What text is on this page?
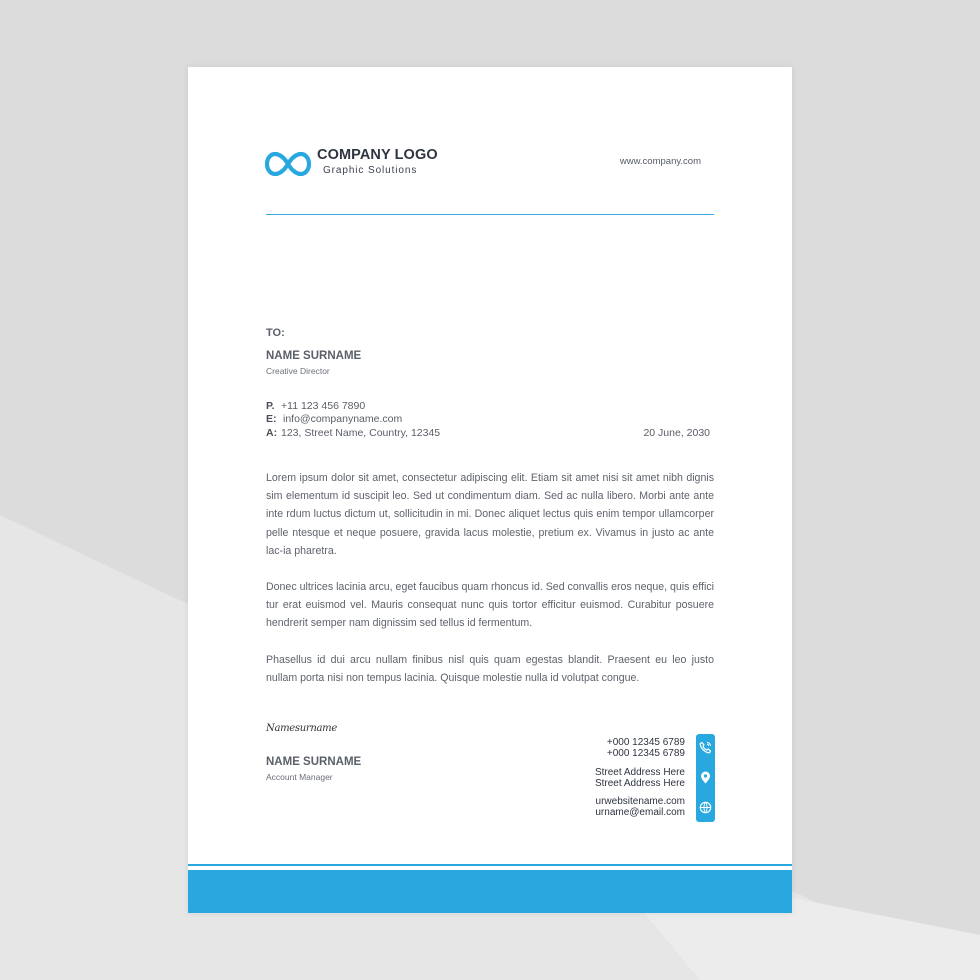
COMPANY LOGO
Graphic Solutions
www.company.com
TO:
NAME SURNAME
Creative Director
P. +11 123 456 7890
E: info@companyname.com
A: 123, Street Name, Country, 12345	20 June, 2030

Lorem ipsum dolor sit amet, consectetur adipiscing elit. Etiam sit amet nisi sit amet nibh dignis sim elementum id suscipit leo. Sed ut condimentum diam. Sed ac nulla libero. Morbi ante ante inte rdum luctus dictum ut, sollicitudin in mi. Donec aliquet lectus quis enim tempor ullamcorper pelle ntesque et neque posuere, gravida lacus molestie, pretium ex. Vivamus in justo ac ante lac-ia pharetra.

Donec ultrices lacinia arcu, eget faucibus quam rhoncus id. Sed convallis eros neque, quis effici tur erat euismod vel. Mauris consequat nunc quis tortor efficitur euismod. Curabitur posuere hendrerit semper nam dignissim sed tellus id fermentum.

Phasellus id dui arcu nullam finibus nisl quis quam egestas blandit. Praesent eu leo justo nullam porta nisi non tempus lacinia. Quisque molestie nulla id volutpat congue.

Namesurname
NAME SURNAME
Account Manager
+000 12345 6789
+000 12345 6789
Street Address Here
Street Address Here
urwebsitename.com
urname@email.com
